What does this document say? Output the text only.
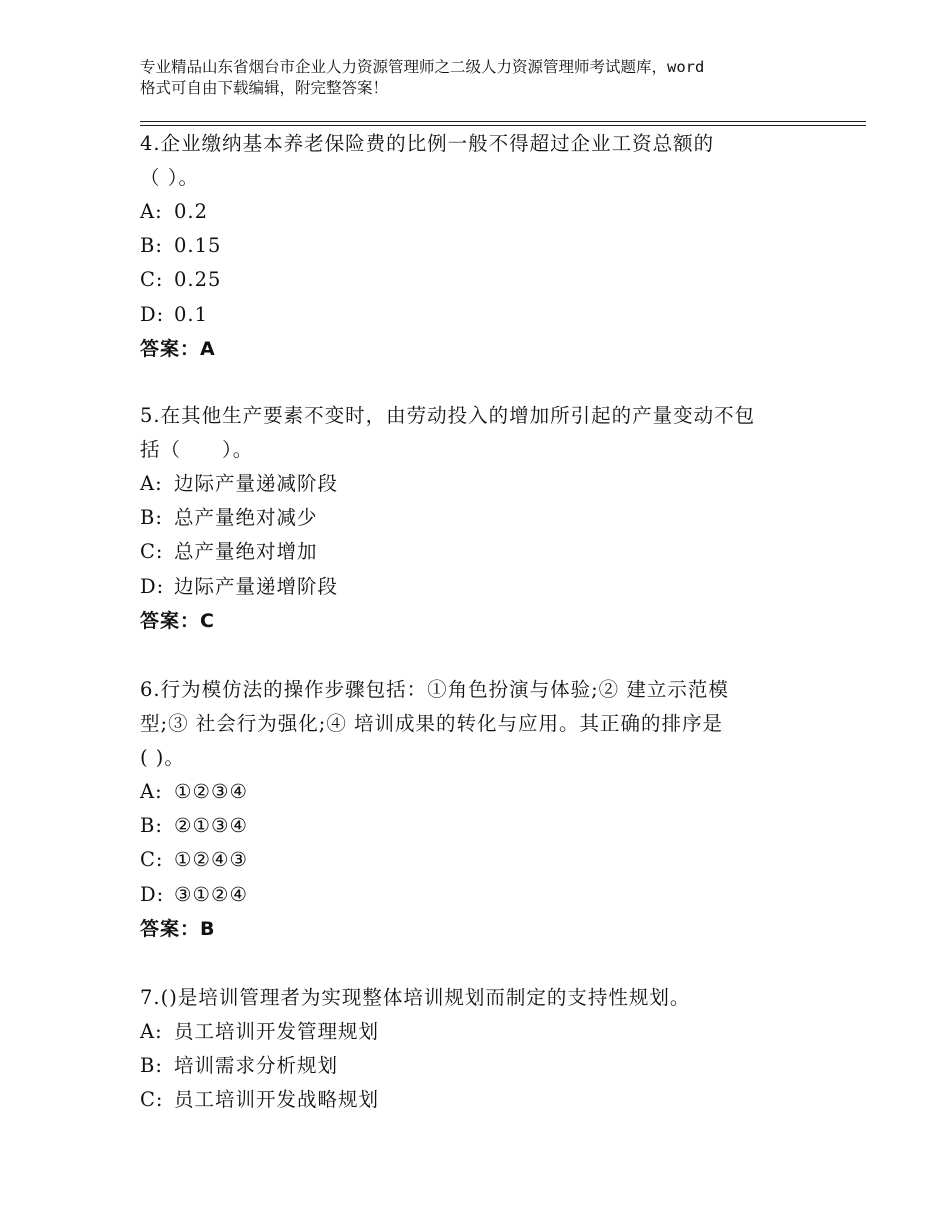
专业精品山东省烟台市企业人力资源管理师之二级人力资源管理师考试题库，word
格式可自由下载编辑，附完整答案！
4.企业缴纳基本养老保险费的比例一般不得超过企业工资总额的
（ ）。
A: 0.2
B: 0.15
C: 0.25
D: 0.1
答案：A
5.在其他生产要素不变时，由劳动投入的增加所引起的产量变动不包
括（　　）。
A: 边际产量递减阶段
B: 总产量绝对减少
C: 总产量绝对增加
D: 边际产量递增阶段
答案：C
6.行为模仿法的操作步骤包括：①角色扮演与体验;② 建立示范模
型;③ 社会行为强化;④ 培训成果的转化与应用。其正确的排序是
( )。
A: ①②③④
B: ②①③④
C: ①②④③
D: ③①②④
答案：B
7.()是培训管理者为实现整体培训规划而制定的支持性规划。
A: 员工培训开发管理规划
B: 培训需求分析规划
C: 员工培训开发战略规划
